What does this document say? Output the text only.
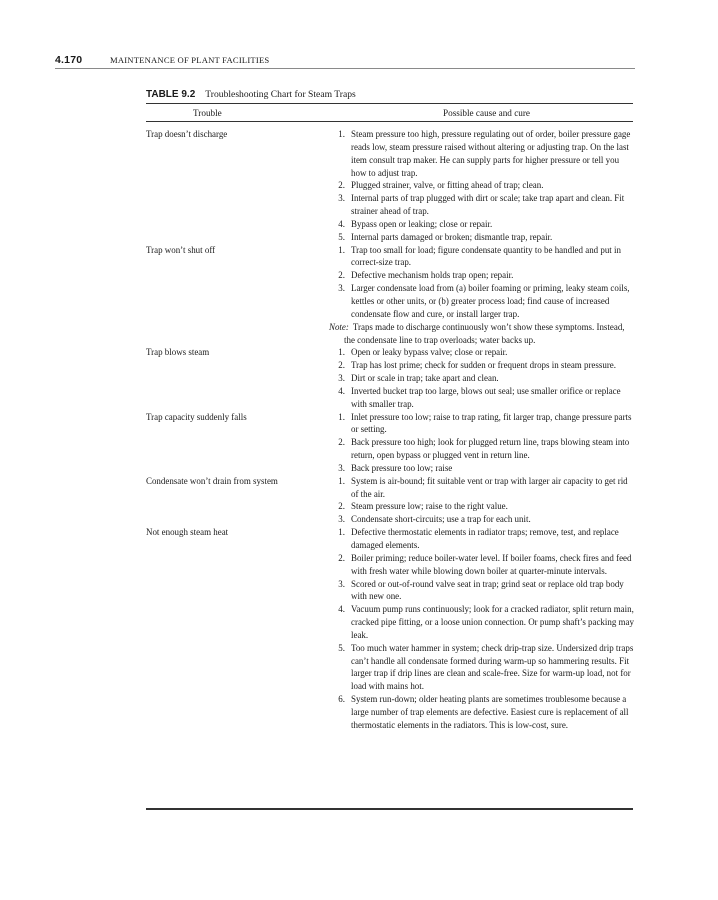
4.170	MAINTENANCE OF PLANT FACILITIES
TABLE 9.2 Troubleshooting Chart for Steam Traps
Trouble	Possible cause and cure
Trap doesn’t discharge	1. Steam pressure too high, pressure regulating out of order, boiler pressure gage reads low, steam pressure raised without altering or adjusting trap. On the last item consult trap maker. He can supply parts for higher pressure or tell you how to adjust trap.
2. Plugged strainer, valve, or fitting ahead of trap; clean.
3. Internal parts of trap plugged with dirt or scale; take trap apart and clean. Fit strainer ahead of trap.
4. Bypass open or leaking; close or repair.
5. Internal parts damaged or broken; dismantle trap, repair.
Trap won’t shut off	1. Trap too small for load; figure condensate quantity to be handled and put in correct-size trap.
2. Defective mechanism holds trap open; repair.
3. Larger condensate load from (a) boiler foaming or priming, leaky steam coils, kettles or other units, or (b) greater process load; find cause of increased condensate flow and cure, or install larger trap.
Note: Traps made to discharge continuously won’t show these symptoms. Instead, the condensate line to trap overloads; water backs up.
Trap blows steam	1. Open or leaky bypass valve; close or repair.
2. Trap has lost prime; check for sudden or frequent drops in steam pressure.
3. Dirt or scale in trap; take apart and clean.
4. Inverted bucket trap too large, blows out seal; use smaller orifice or replace with smaller trap.
Trap capacity suddenly falls	1. Inlet pressure too low; raise to trap rating, fit larger trap, change pressure parts or setting.
2. Back pressure too high; look for plugged return line, traps blowing steam into return, open bypass or plugged vent in return line.
3. Back pressure too low; raise
Condensate won’t drain from system	1. System is air-bound; fit suitable vent or trap with larger air capacity to get rid of the air.
2. Steam pressure low; raise to the right value.
3. Condensate short-circuits; use a trap for each unit.
Not enough steam heat	1. Defective thermostatic elements in radiator traps; remove, test, and replace damaged elements.
2. Boiler priming; reduce boiler-water level. If boiler foams, check fires and feed with fresh water while blowing down boiler at quarter-minute intervals.
3. Scored or out-of-round valve seat in trap; grind seat or replace old trap body with new one.
4. Vacuum pump runs continuously; look for a cracked radiator, split return main, cracked pipe fitting, or a loose union connection. Or pump shaft’s packing may leak.
5. Too much water hammer in system; check drip-trap size. Undersized drip traps can’t handle all condensate formed during warm-up so hammering results. Fit larger trap if drip lines are clean and scale-free. Size for warm-up load, not for load with mains hot.
6. System run-down; older heating plants are sometimes troublesome because a large number of trap elements are defective. Easiest cure is replacement of all thermostatic elements in the radiators. This is low-cost, sure.
